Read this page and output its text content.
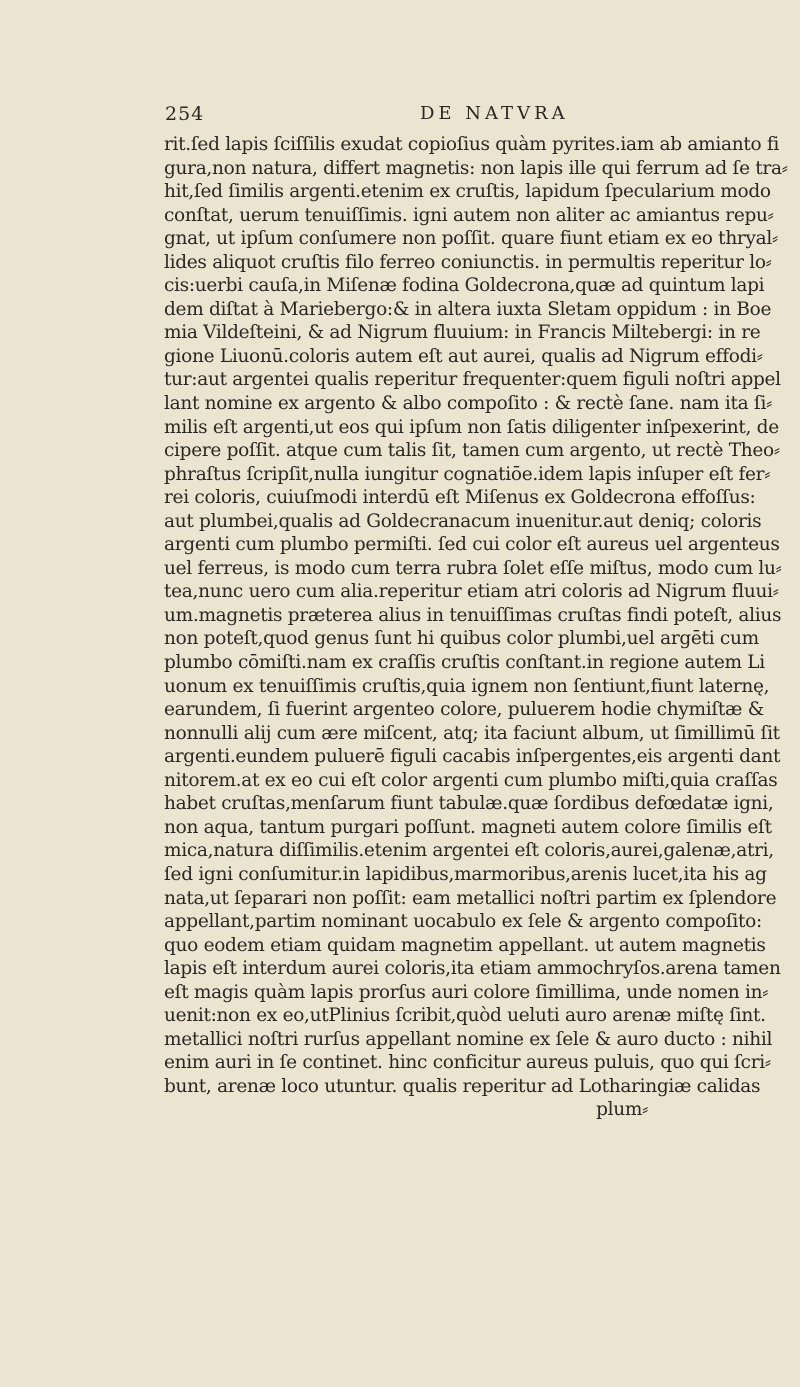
254	DE NATVRA
rit.ſed lapis ſciſſilis exudat copioſius quàm pyrites.iam ab amianto fi
gura,non natura, differt magnetis: non lapis ille qui ferrum ad ſe tra⸗
hit,ſed ſimilis argenti.etenim ex cruſtis, lapidum ſpecularium modo
conſtat, uerum tenuiſſimis. igni autem non aliter ac amiantus repu⸗
gnat, ut ipſum conſumere non poſſit. quare fiunt etiam ex eo thryal⸗
lides aliquot cruſtis filo ferreo coniunctis. in permultis reperitur lo⸗
cis:uerbi cauſa,in Miſenæ fodina Goldecrona,quæ ad quintum lapi
dem diſtat à Mariebergo:& in altera iuxta Sletam oppidum : in Boe
mia Vildeſteini, & ad Nigrum fluuium: in Francis Miltebergi: in re
gione Liuonū.coloris autem eſt aut aurei, qualis ad Nigrum effodi⸗
tur:aut argentei qualis reperitur frequenter:quem figuli noſtri appel
lant nomine ex argento & albo compoſito : & rectè ſane. nam ita ſi⸗
milis eſt argenti,ut eos qui ipſum non ſatis diligenter inſpexerint, de
cipere poſſit. atque cum talis ſit, tamen cum argento, ut rectè Theo⸗
phraſtus ſcripſit,nulla iungitur cognatiōe.idem lapis inſuper eſt fer⸗
rei coloris, cuiuſmodi interdū eſt Miſenus ex Goldecrona effoſſus:
aut plumbei,qualis ad Goldecranacum inuenitur.aut deniq; coloris
argenti cum plumbo permiſti. ſed cui color eſt aureus uel argenteus
uel ferreus, is modo cum terra rubra ſolet eſſe miſtus, modo cum lu⸗
tea,nunc uero cum alia.reperitur etiam atri coloris ad Nigrum fluui⸗
um.magnetis præterea alius in tenuiſſimas cruſtas findi poteſt, alius
non poteſt,quod genus ſunt hi quibus color plumbi,uel argēti cum
plumbo cōmiſti.nam ex craſſis cruſtis conſtant.in regione autem Li
uonum ex tenuiſſimis cruſtis,quia ignem non ſentiunt,fiunt laternę,
earundem, ſi fuerint argenteo colore, puluerem hodie chymiſtæ &
nonnulli alij cum ære miſcent, atq; ita faciunt album, ut ſimillimū ſit
argenti.eundem puluerē figuli cacabis inſpergentes,eis argenti dant
nitorem.at ex eo cui eſt color argenti cum plumbo miſti,quia craſſas
habet cruſtas,menſarum fiunt tabulæ.quæ ſordibus defœdatæ igni,
non aqua, tantum purgari poſſunt. magneti autem colore ſimilis eſt
mica,natura diſſimilis.etenim argentei eſt coloris,aurei,galenæ,atri,
ſed igni conſumitur.in lapidibus,marmoribus,arenis lucet,ita his ag
nata,ut ſeparari non poſſit: eam metallici noſtri partim ex ſplendore
appellant,partim nominant uocabulo ex ſele & argento compoſito:
quo eodem etiam quidam magnetim appellant. ut autem magnetis
lapis eſt interdum aurei coloris,ita etiam ammochryſos.arena tamen
eſt magis quàm lapis prorſus auri colore ſimillima, unde nomen in⸗
uenit:non ex eo,utPlinius ſcribit,quòd ueluti auro arenæ miſtę ſint.
metallici noſtri rurſus appellant nomine ex ſele & auro ducto : nihil
enim auri in ſe continet. hinc conficitur aureus puluis, quo qui ſcri⸗
bunt, arenæ loco utuntur. qualis reperitur ad Lotharingiæ calidas
plum⸗
